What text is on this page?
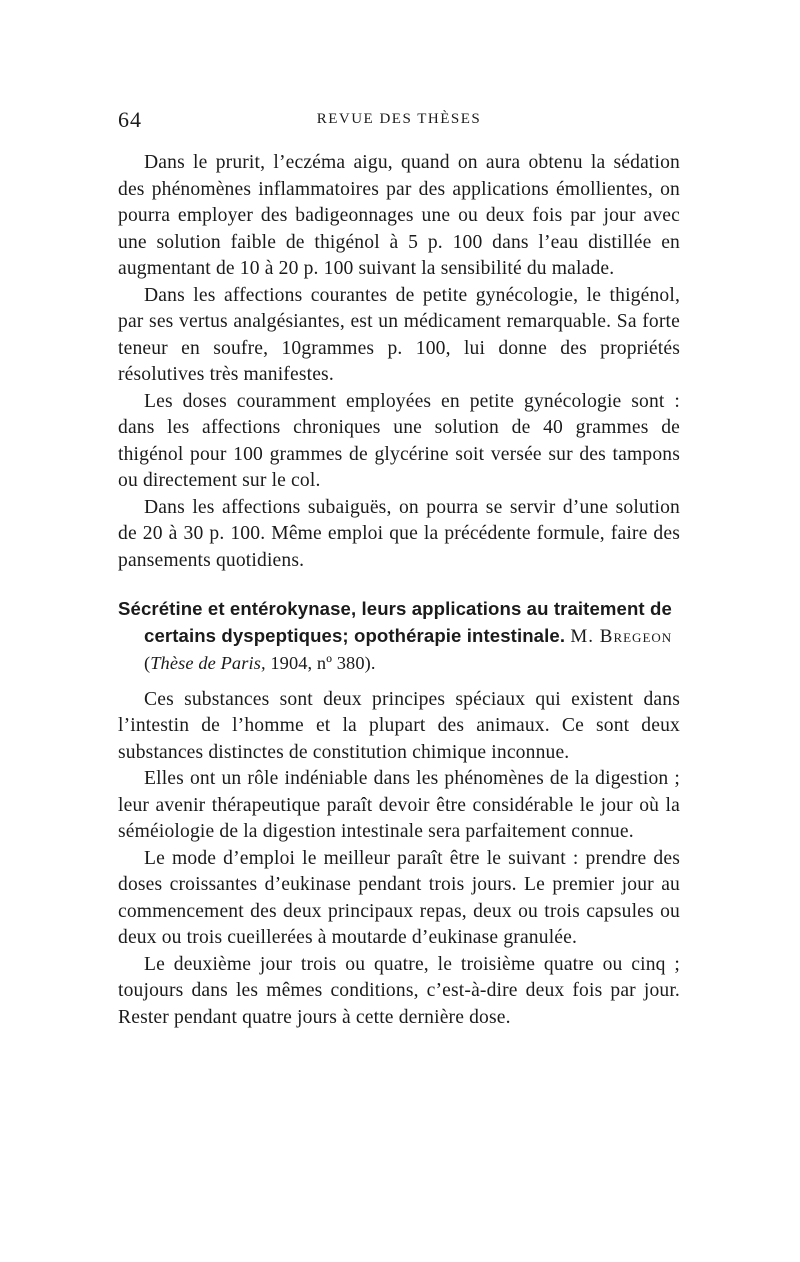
64	REVUE DES THÈSES

Dans le prurit, l’eczéma aigu, quand on aura obtenu la sédation des phénomènes inflammatoires par des applications émollientes, on pourra employer des badigeonnages une ou deux fois par jour avec une solution faible de thigénol à 5 p. 100 dans l’eau distillée en augmentant de 10 à 20 p. 100 suivant la sensibilité du malade.

Dans les affections courantes de petite gynécologie, le thigénol, par ses vertus analgésiantes, est un médicament remarquable. Sa forte teneur en soufre, 10grammes p. 100, lui donne des propriétés résolutives très manifestes.

Les doses couramment employées en petite gynécologie sont : dans les affections chroniques une solution de 40 grammes de thigénol pour 100 grammes de glycérine soit versée sur des tampons ou directement sur le col.

Dans les affections subaiguës, on pourra se servir d’une solution de 20 à 30 p. 100. Même emploi que la précédente formule, faire des pansements quotidiens.

Sécrétine et entérokynase, leurs applications au traitement de certains dyspeptiques; opothérapie intestinale. M. Bregeon (Thèse de Paris, 1904, nº 380).

Ces substances sont deux principes spéciaux qui existent dans l’intestin de l’homme et la plupart des animaux. Ce sont deux substances distinctes de constitution chimique inconnue.

Elles ont un rôle indéniable dans les phénomènes de la digestion ; leur avenir thérapeutique paraît devoir être considérable le jour où la séméiologie de la digestion intestinale sera parfaitement connue.

Le mode d’emploi le meilleur paraît être le suivant : prendre des doses croissantes d’eukinase pendant trois jours. Le premier jour au commencement des deux principaux repas, deux ou trois capsules ou deux ou trois cueillerées à moutarde d’eukinase granulée.

Le deuxième jour trois ou quatre, le troisième quatre ou cinq ; toujours dans les mêmes conditions, c’est-à-dire deux fois par jour. Rester pendant quatre jours à cette dernière dose.
